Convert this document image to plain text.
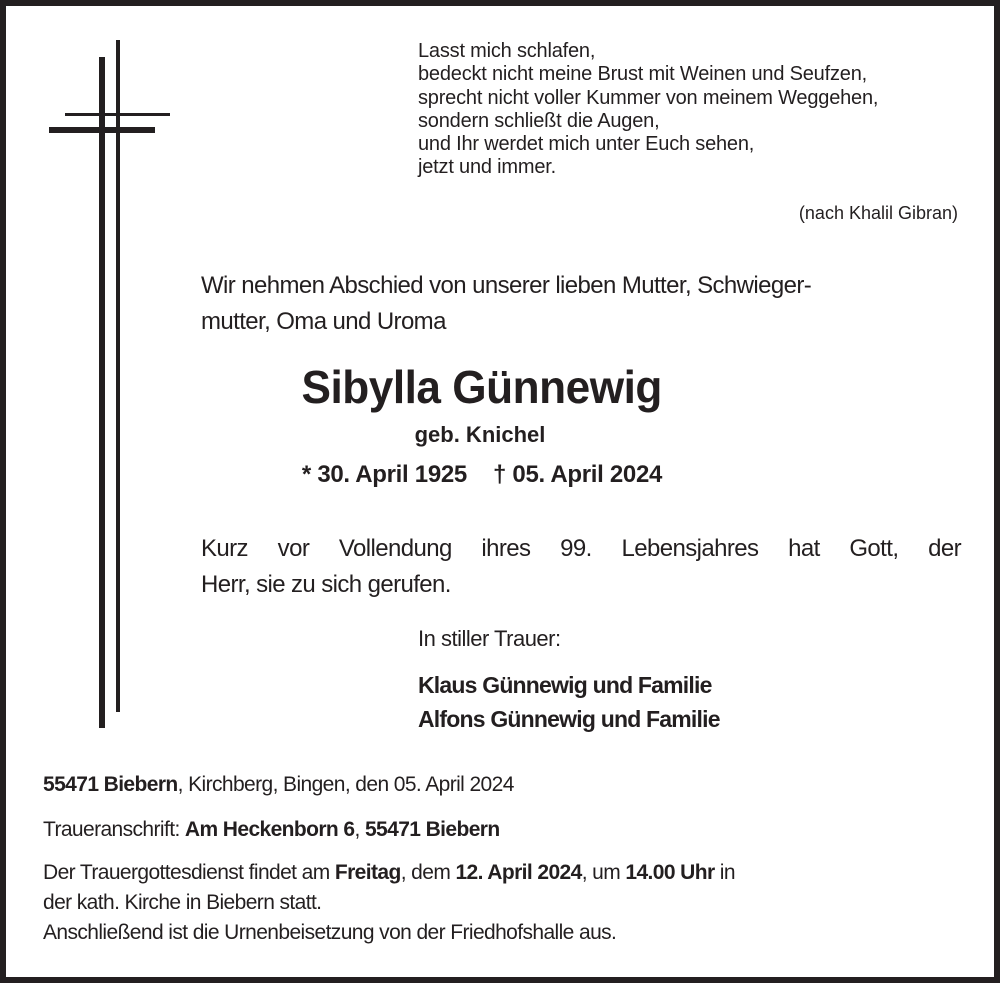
Lasst mich schlafen,
bedeckt nicht meine Brust mit Weinen und Seufzen,
sprecht nicht voller Kummer von meinem Weggehen,
sondern schließt die Augen,
und Ihr werdet mich unter Euch sehen,
jetzt und immer.
(nach Khalil Gibran)
Wir nehmen Abschied von unserer lieben Mutter, Schwieger-
mutter, Oma und Uroma
Sibylla Günnewig
geb. Knichel
* 30. April 1925 † 05. April 2024
Kurz vor Vollendung ihres 99. Lebensjahres hat Gott, der
Herr, sie zu sich gerufen.
In stiller Trauer:
Klaus Günnewig und Familie
Alfons Günnewig und Familie
55471 Biebern, Kirchberg, Bingen, den 05. April 2024
Traueranschrift: Am Heckenborn 6, 55471 Biebern
Der Trauergottesdienst findet am Freitag, dem 12. April 2024, um 14.00 Uhr in
der kath. Kirche in Biebern statt.
Anschließend ist die Urnenbeisetzung von der Friedhofshalle aus.
